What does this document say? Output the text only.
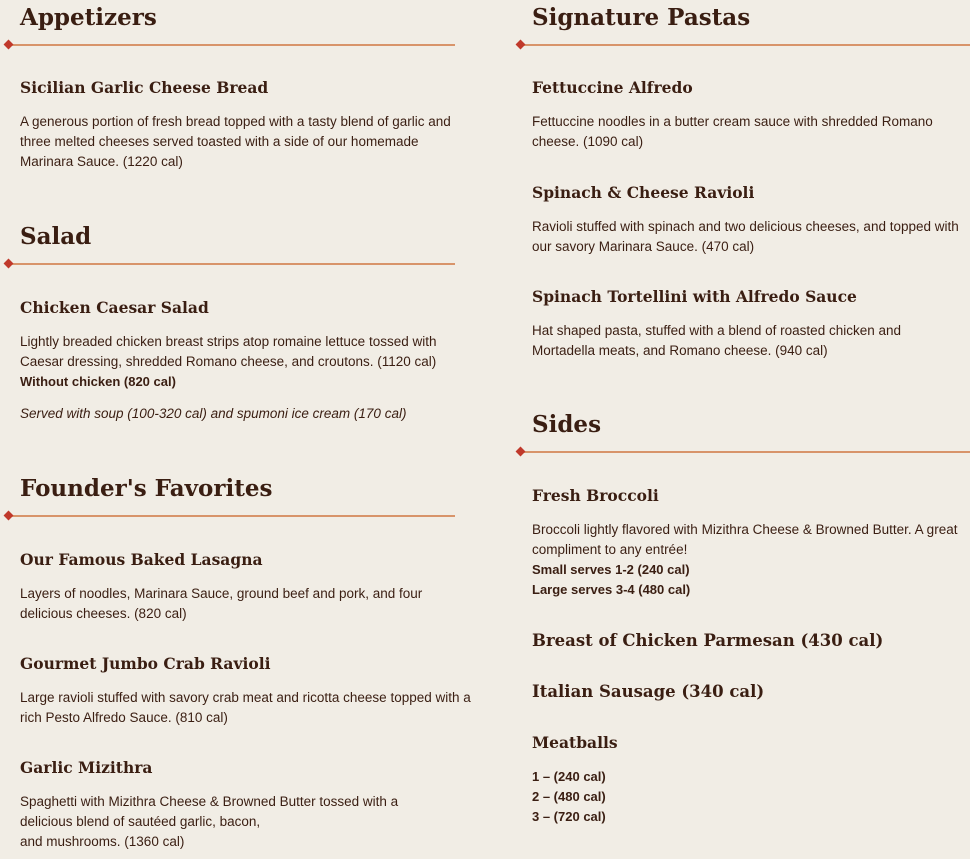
Appetizers
Sicilian Garlic Cheese Bread

A generous portion of fresh bread topped with a tasty blend of garlic and three melted cheeses served toasted with a side of our homemade Marinara Sauce. (1220 cal)

Salad
Chicken Caesar Salad

Lightly breaded chicken breast strips atop romaine lettuce tossed with Caesar dressing, shredded Romano cheese, and croutons. (1120 cal)

Without chicken (820 cal)

Served with soup (100-320 cal) and spumoni ice cream (170 cal)

Founder's Favorites
Our Famous Baked Lasagna

Layers of noodles, Marinara Sauce, ground beef and pork, and four delicious cheeses. (820 cal)

Gourmet Jumbo Crab Ravioli

Large ravioli stuffed with savory crab meat and ricotta cheese topped with a rich Pesto Alfredo Sauce. (810 cal)

Garlic Mizithra

Spaghetti with Mizithra Cheese & Browned Butter tossed with a delicious blend of sautéed garlic, bacon,

and mushrooms. (1360 cal)

Signature Pastas
Fettuccine Alfredo

Fettuccine noodles in a butter cream sauce with shredded Romano cheese. (1090 cal)

Spinach & Cheese Ravioli

Ravioli stuffed with spinach and two delicious cheeses, and topped with our savory Marinara Sauce. (470 cal)

Spinach Tortellini with Alfredo Sauce

Hat shaped pasta, stuffed with a blend of roasted chicken and Mortadella meats, and Romano cheese. (940 cal)

Sides
Fresh Broccoli

Broccoli lightly flavored with Mizithra Cheese & Browned Butter. A great compliment to any entrée!

Small serves 1-2 (240 cal)

Large serves 3-4 (480 cal)

Breast of Chicken Parmesan (430 cal)
Italian Sausage (340 cal)
Meatballs

1 – (240 cal)

2 – (480 cal)

3 – (720 cal)
